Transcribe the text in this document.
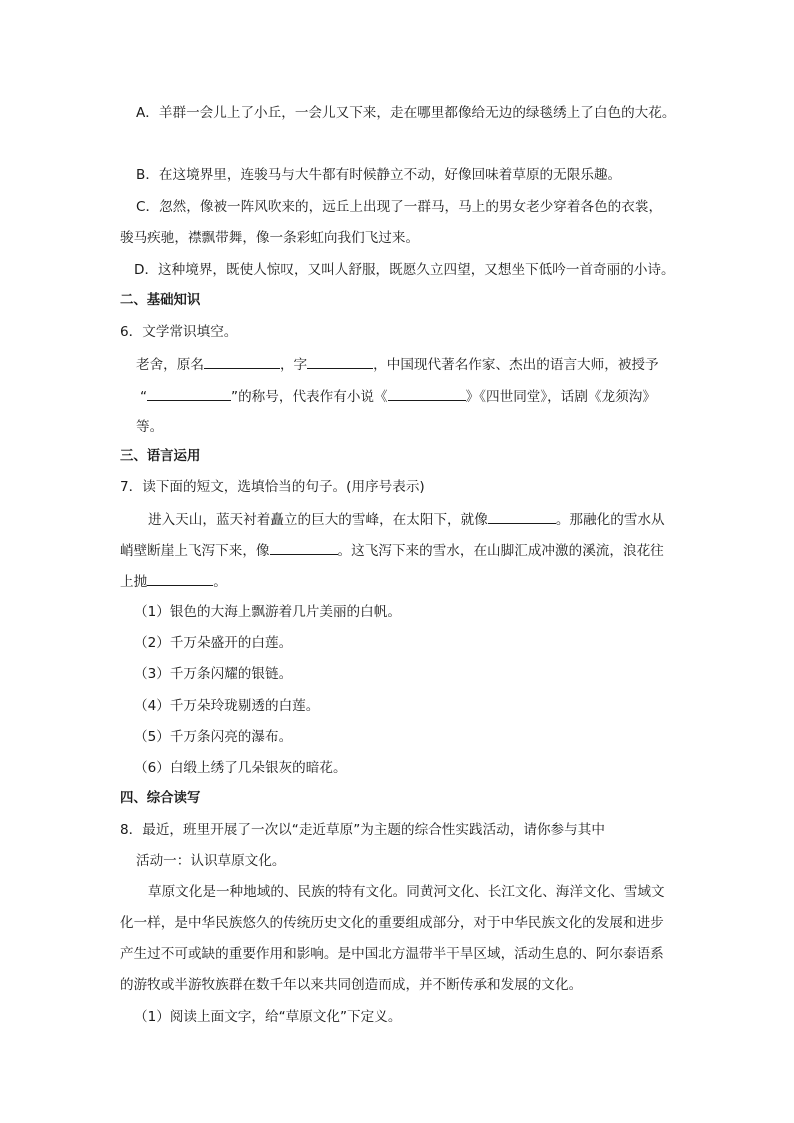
A．羊群一会儿上了小丘，一会儿又下来，走在哪里都像给无边的绿毯绣上了白色的大花。
B．在这境界里，连骏马与大牛都有时候静立不动，好像回味着草原的无限乐趣。
C．忽然，像被一阵风吹来的，远丘上出现了一群马，马上的男女老少穿着各色的衣裳，
骏马疾驰，襟飘带舞，像一条彩虹向我们飞过来。
D．这种境界，既使人惊叹，又叫人舒服，既愿久立四望，又想坐下低吟一首奇丽的小诗。
二、基础知识
6．文学常识填空。
老舍，原名	，字	，中国现代著名作家、杰出的语言大师，被授予
“	”的称号，代表作有小说《	》《四世同堂》，话剧《龙须沟》
等。
三、语言运用
7．读下面的短文，选填恰当的句子。(用序号表示)
进入天山，蓝天衬着矗立的巨大的雪峰，在太阳下，就像	。那融化的雪水从
峭壁断崖上飞泻下来，像	。这飞泻下来的雪水，在山脚汇成冲激的溪流，浪花往
上抛	。
（1）银色的大海上飘游着几片美丽的白帆。
（2）千万朵盛开的白莲。
（3）千万条闪耀的银链。
（4）千万朵玲珑剔透的白莲。
（5）千万条闪亮的瀑布。
（6）白缎上绣了几朵银灰的暗花。
四、综合读写
8．最近，班里开展了一次以“走近草原”为主题的综合性实践活动，请你参与其中
活动一：认识草原文化。
草原文化是一种地域的、民族的特有文化。同黄河文化、长江文化、海洋文化、雪域文
化一样，是中华民族悠久的传统历史文化的重要组成部分，对于中华民族文化的发展和进步
产生过不可或缺的重要作用和影响。是中国北方温带半干旱区域，活动生息的、阿尔泰语系
的游牧或半游牧族群在数千年以来共同创造而成，并不断传承和发展的文化。
（1）阅读上面文字，给“草原文化”下定义。
